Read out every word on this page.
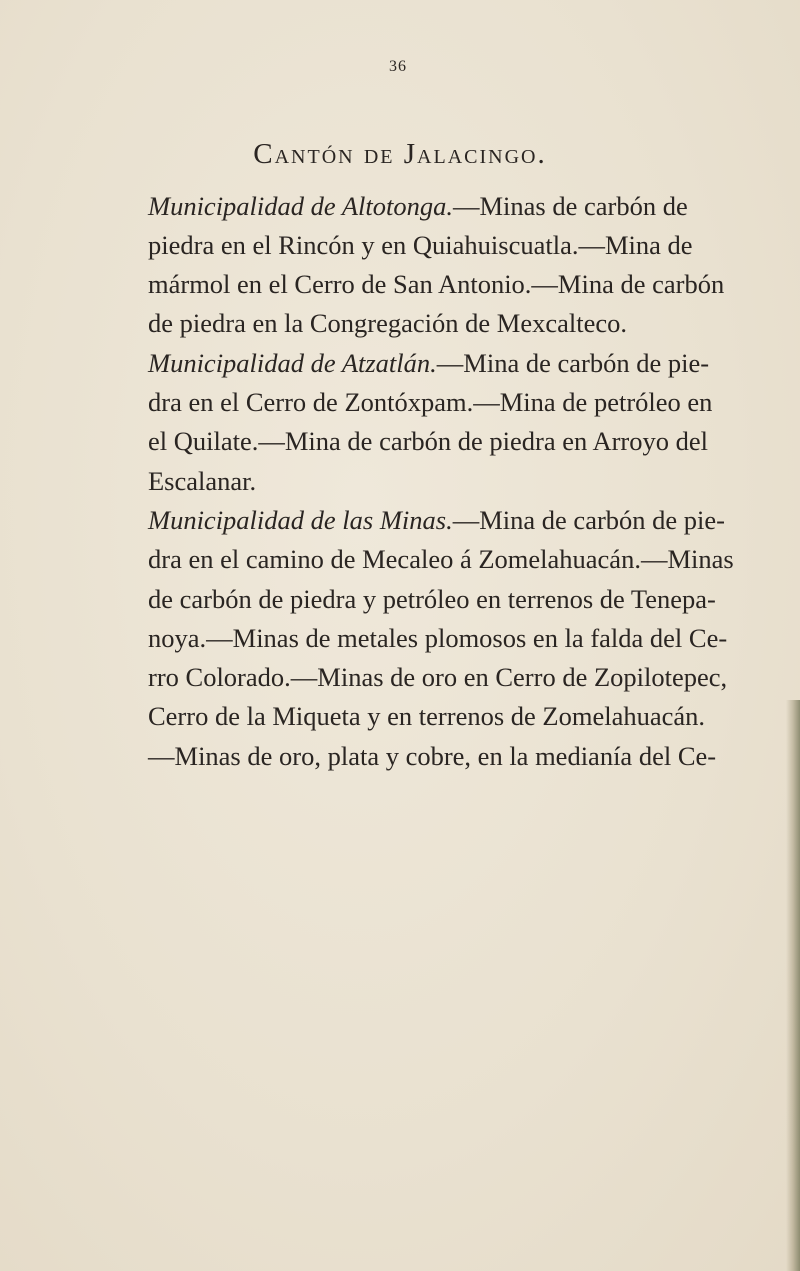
36
Cantón de Jalacingo.
Municipalidad de Altotonga.—Minas de carbón de
piedra en el Rincón y en Quiahuiscuatla.—Mina de
mármol en el Cerro de San Antonio.—Mina de carbón
de piedra en la Congregación de Mexcalteco.
Municipalidad de Atzatlán.—Mina de carbón de pie-
dra en el Cerro de Zontóxpam.—Mina de petróleo en
el Quilate.—Mina de carbón de piedra en Arroyo del
Escalanar.
Municipalidad de las Minas.—Mina de carbón de pie-
dra en el camino de Mecaleo á Zomelahuacán.—Minas
de carbón de piedra y petróleo en terrenos de Tenepa-
noya.—Minas de metales plomosos en la falda del Ce-
rro Colorado.—Minas de oro en Cerro de Zopilotepec,
Cerro de la Miqueta y en terrenos de Zomelahuacán.
—Minas de oro, plata y cobre, en la medianía del Ce-
